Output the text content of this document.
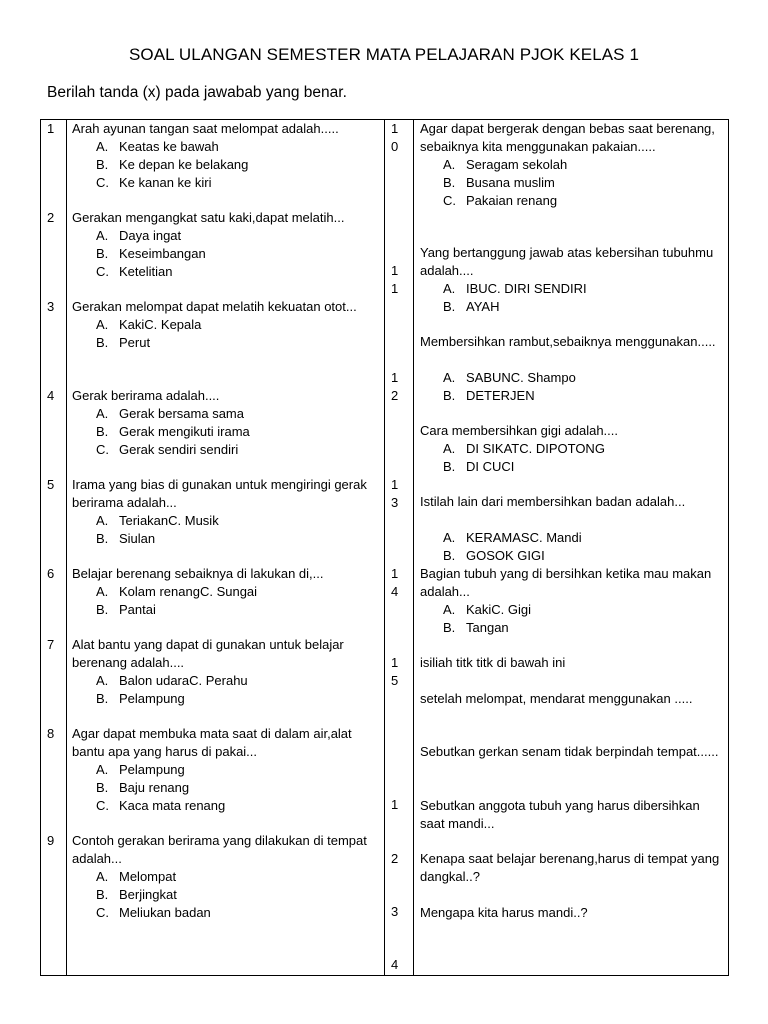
SOAL ULANGAN SEMESTER MATA PELAJARAN PJOK KELAS 1
Berilah tanda (x) pada jawabab yang benar.
1 Arah ayunan tangan saat melompat adalah.....
A. Keatas ke bawah
B. Ke depan ke belakang
C. Ke kanan ke kiri
2 Gerakan mengangkat satu kaki,dapat melatih...
A. Daya ingat
B. Keseimbangan
C. Ketelitian
3 Gerakan melompat dapat melatih kekuatan otot...
A. KakiC. Kepala
B. Perut
4 Gerak berirama adalah....
A. Gerak bersama sama
B. Gerak mengikuti irama
C. Gerak sendiri sendiri
5 Irama yang bias di gunakan untuk mengiringi gerak berirama adalah...
A. TeriakanC. Musik
B. Siulan
6 Belajar berenang sebaiknya di lakukan di,...
A. Kolam renangC. Sungai
B. Pantai
7 Alat bantu yang dapat di gunakan untuk belajar berenang adalah....
A. Balon udaraC. Perahu
B. Pelampung
8 Agar dapat membuka mata saat di dalam air,alat bantu apa yang harus di pakai...
A. Pelampung
B. Baju renang
C. Kaca mata renang
9 Contoh gerakan berirama yang dilakukan di tempat adalah...
A. Melompat
B. Berjingkat
C. Meliukan badan
1
0
1
1
1
2
1
3
1
4
1
5
1
2
3
4
Agar dapat bergerak dengan bebas saat berenang, sebaiknya kita menggunakan pakaian.....
A. Seragam sekolah
B. Busana muslim
C. Pakaian renang
Yang bertanggung jawab atas kebersihan tubuhmu adalah....
A. IBUC. DIRI SENDIRI
B. AYAH
Membersihkan rambut,sebaiknya menggunakan.....
A. SABUNC. Shampo
B. DETERJEN
Cara membersihkan gigi adalah....
A. DI SIKATC. DIPOTONG
B. DI CUCI
Istilah lain dari membersihkan badan adalah...
A. KERAMASC. Mandi
B. GOSOK GIGI
Bagian tubuh yang di bersihkan ketika mau makan adalah...
A. KakiC. Gigi
B. Tangan
isiliah titk titk di bawah ini
setelah melompat, mendarat menggunakan .....
Sebutkan gerkan senam tidak berpindah tempat......
Sebutkan anggota tubuh yang harus dibersihkan saat mandi...
Kenapa saat belajar berenang,harus di tempat yang dangkal..?
Mengapa kita harus mandi..?
